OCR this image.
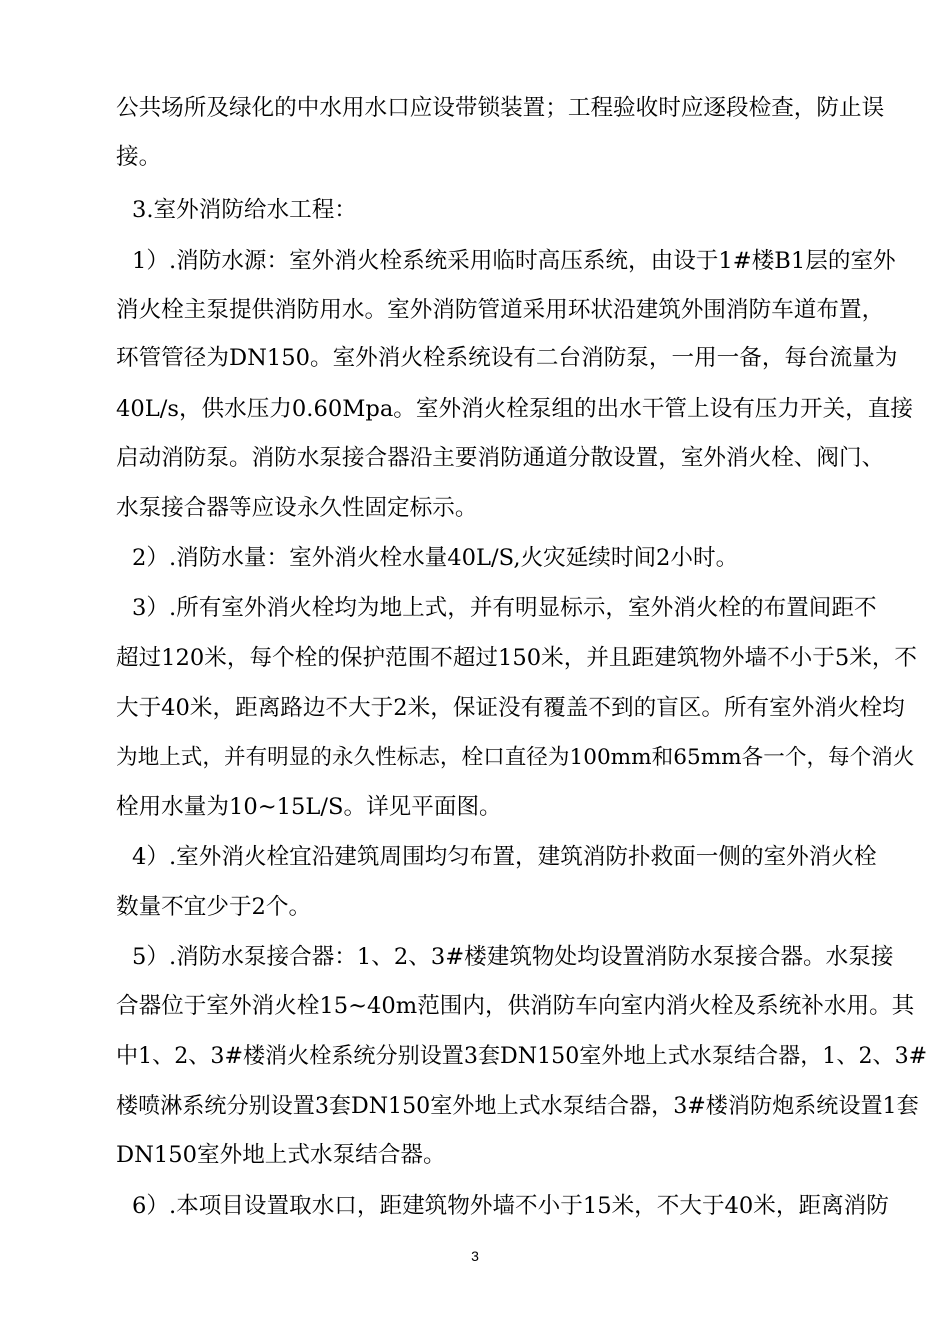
公共场所及绿化的中水用水口应设带锁装置；工程验收时应逐段检查，防止误
接。
3.室外消防给水工程：
1）.消防水源：室外消火栓系统采用临时高压系统，由设于1#楼B1层的室外
消火栓主泵提供消防用水。室外消防管道采用环状沿建筑外围消防车道布置，
环管管径为DN150。室外消火栓系统设有二台消防泵，一用一备，每台流量为
40L/s，供水压力0.60Mpa。室外消火栓泵组的出水干管上设有压力开关，直接
启动消防泵。消防水泵接合器沿主要消防通道分散设置，室外消火栓、阀门、
水泵接合器等应设永久性固定标示。
2）.消防水量：室外消火栓水量40L/S,火灾延续时间2小时。
3）.所有室外消火栓均为地上式，并有明显标示，室外消火栓的布置间距不
超过120米，每个栓的保护范围不超过150米，并且距建筑物外墙不小于5米，不
大于40米，距离路边不大于2米，保证没有覆盖不到的盲区。所有室外消火栓均
为地上式，并有明显的永久性标志，栓口直径为100mm和65mm各一个，每个消火
栓用水量为10~15L/S。详见平面图。
4）.室外消火栓宜沿建筑周围均匀布置，建筑消防扑救面一侧的室外消火栓
数量不宜少于2个。
5）.消防水泵接合器：1、2、3#楼建筑物处均设置消防水泵接合器。水泵接
合器位于室外消火栓15~40m范围内，供消防车向室内消火栓及系统补水用。其
中1、2、3#楼消火栓系统分别设置3套DN150室外地上式水泵结合器，1、2、3#
楼喷淋系统分别设置3套DN150室外地上式水泵结合器，3#楼消防炮系统设置1套
DN150室外地上式水泵结合器。
6）.本项目设置取水口，距建筑物外墙不小于15米，不大于40米，距离消防
3
